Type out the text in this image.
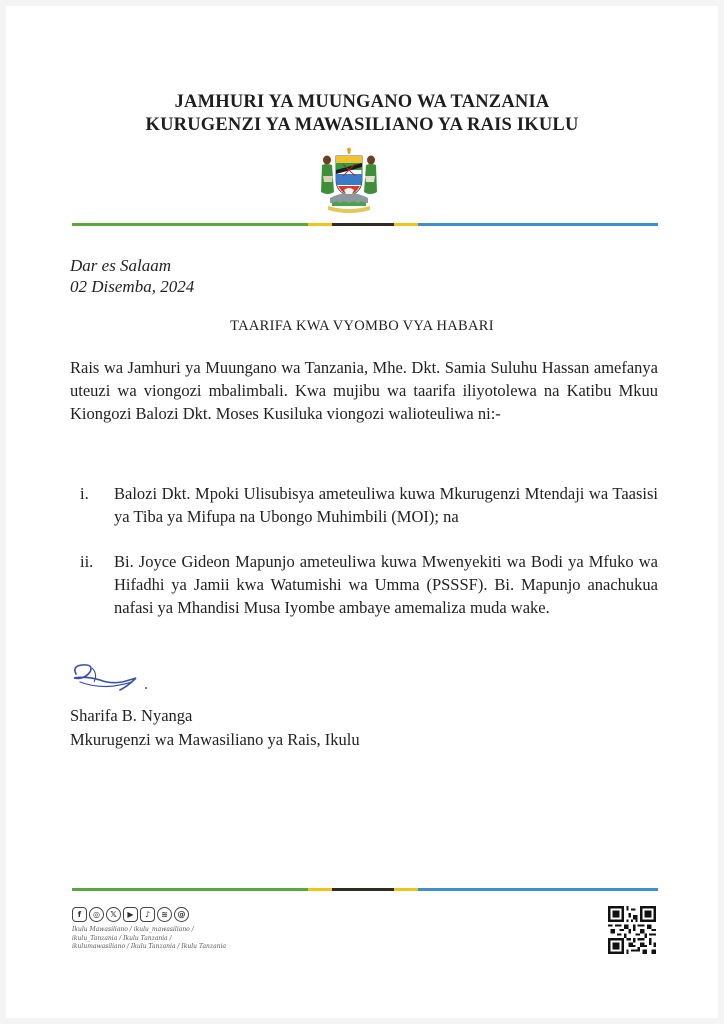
JAMHURI YA MUUNGANO WA TANZANIA
KURUGENZI YA MAWASILIANO YA RAIS IKULU
Dar es Salaam
02 Disemba, 2024
TAARIFA KWA VYOMBO VYA HABARI

Rais wa Jamhuri ya Muungano wa Tanzania, Mhe. Dkt. Samia Suluhu Hassan amefanya uteuzi wa viongozi mbalimbali. Kwa mujibu wa taarifa iliyotolewa na Katibu Mkuu Kiongozi Balozi Dkt. Moses Kusiluka viongozi walioteuliwa ni:-

i. Balozi Dkt. Mpoki Ulisubisya ameteuliwa kuwa Mkurugenzi Mtendaji wa Taasisi ya Tiba ya Mifupa na Ubongo Muhimbili (MOI); na

ii. Bi. Joyce Gideon Mapunjo ameteuliwa kuwa Mwenyekiti wa Bodi ya Mfuko wa Hifadhi ya Jamii kwa Watumishi wa Umma (PSSSF). Bi. Mapunjo anachukua nafasi ya Mhandisi Musa Iyombe ambaye amemaliza muda wake.

Sharifa B. Nyanga
Mkurugenzi wa Mawasiliano ya Rais, Ikulu
f	◎	𝕏	▶	♪	≋	@
Ikulu Mawasiliano / ikulu_mawasiliano /
ikulu_Tanzania / Ikulu Tanzania /
ikulumawasiliano / Ikulu Tanzania / Ikulu Tanzania
